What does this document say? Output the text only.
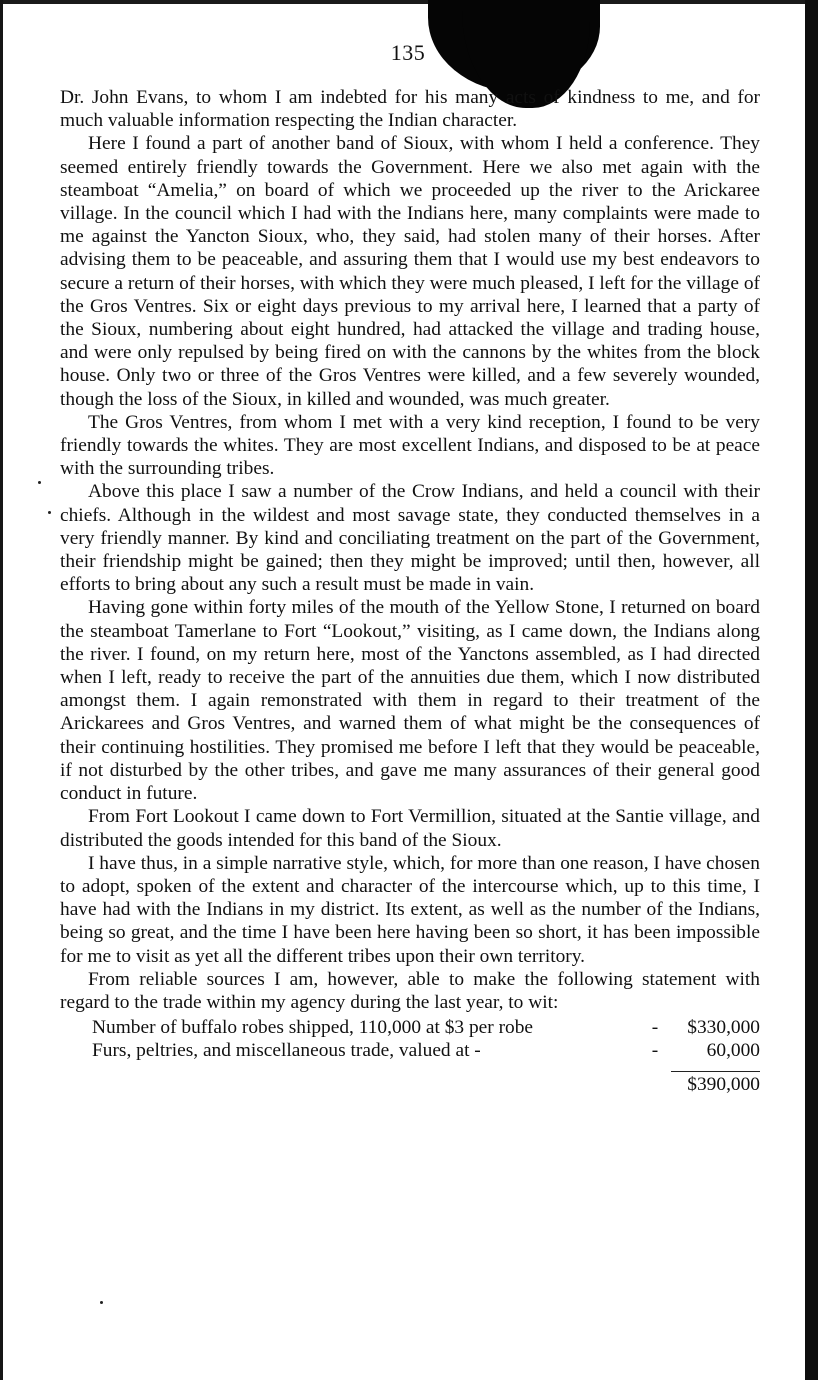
135

Dr. John Evans, to whom I am indebted for his many acts of kindness to me, and for much valuable information respecting the Indian character.

Here I found a part of another band of Sioux, with whom I held a conference. They seemed entirely friendly towards the Government. Here we also met again with the steamboat “Amelia,” on board of which we proceeded up the river to the Arickaree village. In the council which I had with the Indians here, many complaints were made to me against the Yancton Sioux, who, they said, had stolen many of their horses. After advising them to be peaceable, and assuring them that I would use my best endeavors to secure a return of their horses, with which they were much pleased, I left for the village of the Gros Ventres. Six or eight days previous to my arrival here, I learned that a party of the Sioux, numbering about eight hundred, had attacked the village and trading house, and were only repulsed by being fired on with the cannons by the whites from the block house. Only two or three of the Gros Ventres were killed, and a few severely wounded, though the loss of the Sioux, in killed and wounded, was much greater.

The Gros Ventres, from whom I met with a very kind reception, I found to be very friendly towards the whites. They are most excellent Indians, and disposed to be at peace with the surrounding tribes.

Above this place I saw a number of the Crow Indians, and held a council with their chiefs. Although in the wildest and most savage state, they conducted themselves in a very friendly manner. By kind and conciliating treatment on the part of the Government, their friendship might be gained; then they might be improved; until then, however, all efforts to bring about any such a result must be made in vain.

Having gone within forty miles of the mouth of the Yellow Stone, I returned on board the steamboat Tamerlane to Fort “Lookout,” visiting, as I came down, the Indians along the river. I found, on my return here, most of the Yanctons assembled, as I had directed when I left, ready to receive the part of the annuities due them, which I now distributed amongst them. I again remonstrated with them in regard to their treatment of the Arickarees and Gros Ventres, and warned them of what might be the consequences of their continuing hostilities. They promised me before I left that they would be peaceable, if not disturbed by the other tribes, and gave me many assurances of their general good conduct in future.

From Fort Lookout I came down to Fort Vermillion, situated at the Santie village, and distributed the goods intended for this band of the Sioux.

I have thus, in a simple narrative style, which, for more than one reason, I have chosen to adopt, spoken of the extent and character of the intercourse which, up to this time, I have had with the Indians in my district. Its extent, as well as the number of the Indians, being so great, and the time I have been here having been so short, it has been impossible for me to visit as yet all the different tribes upon their own territory.

From reliable sources I am, however, able to make the following statement with regard to the trade within my agency during the last year, to wit:

Number of buffalo robes shipped, 110,000 at $3 per robe	-	$330,000
Furs, peltries, and miscellaneous trade, valued at -	-	60,000
$390,000
